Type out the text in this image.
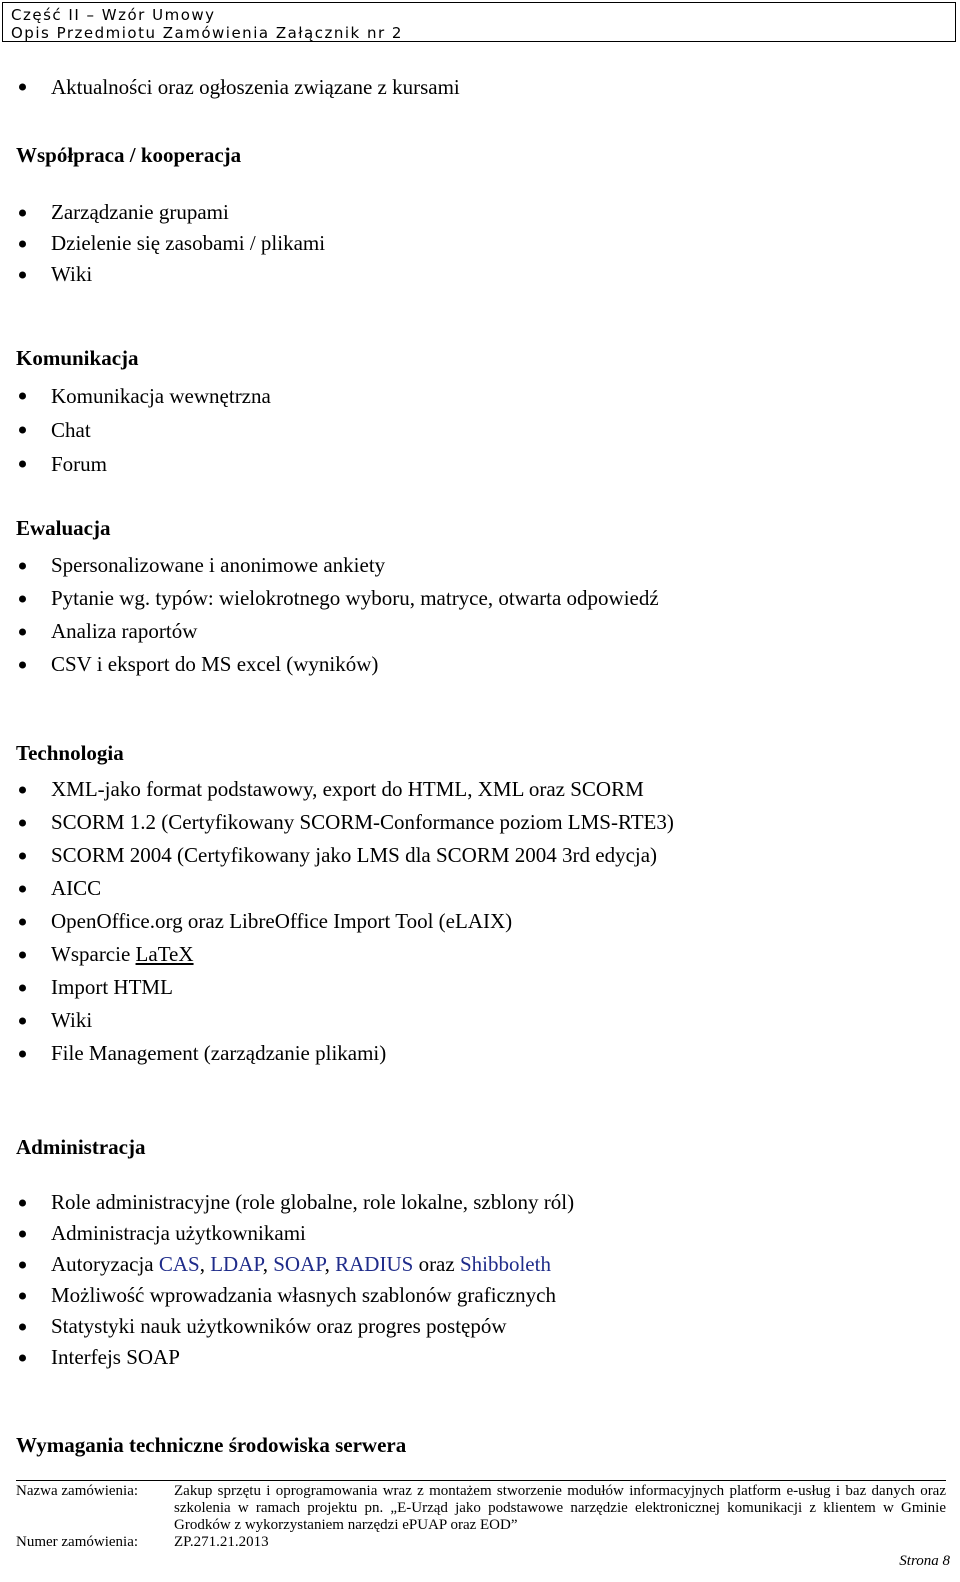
Część II – Wzór Umowy
Opis Przedmiotu Zamówienia Załącznik nr 2
Aktualności oraz ogłoszenia związane z kursami
Współpraca / kooperacja
Zarządzanie grupami
Dzielenie się zasobami / plikami
Wiki
Komunikacja
Komunikacja wewnętrzna
Chat
Forum
Ewaluacja
Spersonalizowane i anonimowe ankiety
Pytanie wg. typów: wielokrotnego wyboru, matryce, otwarta odpowiedź
Analiza raportów
CSV i eksport do MS excel (wyników)
Technologia
XML-jako format podstawowy, export do HTML, XML oraz SCORM
SCORM 1.2 (Certyfikowany SCORM-Conformance poziom LMS-RTE3)
SCORM 2004 (Certyfikowany jako LMS dla SCORM 2004 3rd edycja)
AICC
OpenOffice.org oraz LibreOffice Import Tool (eLAIX)
Wsparcie LaTeX
Import HTML
Wiki
File Management (zarządzanie plikami)
Administracja
Role administracyjne (role globalne, role lokalne, szblony ról)
Administracja użytkownikami
Autoryzacja CAS, LDAP, SOAP, RADIUS oraz Shibboleth
Możliwość wprowadzania własnych szablonów graficznych
Statystyki nauk użytkowników oraz progres postępów
Interfejs SOAP
Wymagania techniczne środowiska serwera
Nazwa zamówienia:	Zakup sprzętu i oprogramowania wraz z montażem stworzenie modułów informacyjnych platform e-usług i baz danych oraz szkolenia w ramach projektu pn. „E-Urząd jako podstawowe narzędzie elektronicznej komunikacji z klientem w Gminie Grodków z wykorzystaniem narzędzi ePUAP oraz EOD”
Numer zamówienia:	ZP.271.21.2013
Strona 8
